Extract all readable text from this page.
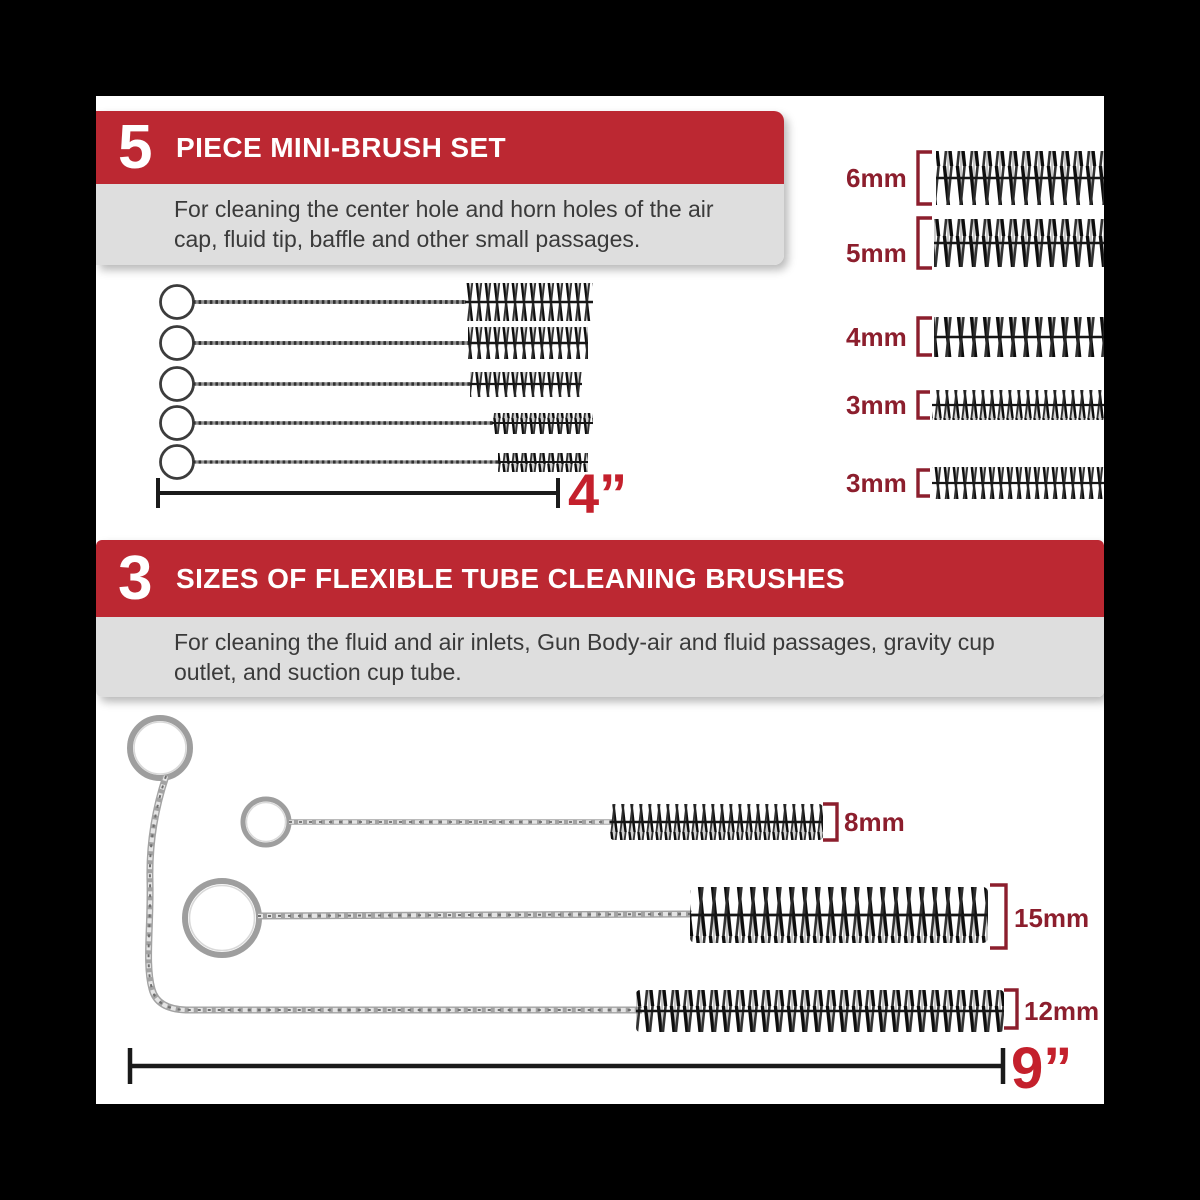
5 PIECE MINI-BRUSH SET
For cleaning the center hole and horn holes of the air cap, fluid tip, baffle and other small passages.
3 SIZES OF FLEXIBLE TUBE CLEANING BRUSHES
For cleaning the fluid and air inlets, Gun Body-air and fluid passages, gravity cup outlet, and suction cup tube.
6mm
5mm
4mm
3mm
3mm
8mm
15mm
12mm
4”
9”
